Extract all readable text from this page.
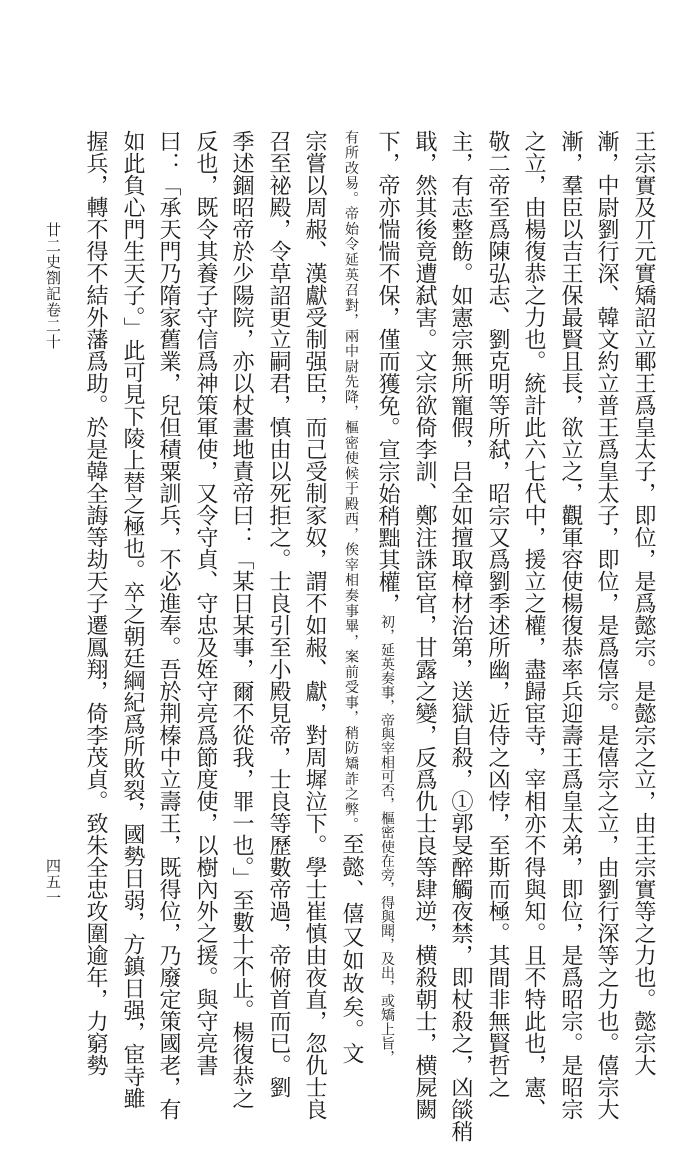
王宗實及丌元實矯詔立鄆王爲皇太子，即位，是爲懿宗。是懿宗之立，由王宗實等之力也。懿宗大
漸，中尉劉行深、韓文約立普王爲皇太子，即位，是爲僖宗。是僖宗之立，由劉行深等之力也。僖宗大
漸，羣臣以吉王保最賢且長，欲立之，觀軍容使楊復恭率兵迎壽王爲皇太弟，即位，是爲昭宗。是昭宗
之立，由楊復恭之力也。統計此六七代中，援立之權，盡歸宦寺，宰相亦不得與知。且不特此也，憲、
敬二帝至爲陳弘志、劉克明等所弑，昭宗又爲劉季述所幽，近侍之凶悖，至斯而極。其間非無賢哲之
主，有志整飭。如憲宗無所寵假，吕全如擅取樟材治第，送獄自殺，①郭旻醉觸夜禁，即杖殺之，凶燄稍
戢，然其後竟遭弑害。文宗欲倚李訓、鄭注誅宦官，甘露之變，反爲仇士良等肆逆，横殺朝士，横屍闕
下，帝亦惴惴不保，僅而獲免。宣宗始稍黜其權，初，延英奏事，帝與宰相可否，樞密使在旁，得與聞，及出，或矯上旨，
有所改易。帝始令延英召對，兩中尉先降，樞密使候于殿西，俟宰相奏事畢，案前受事，稍防矯詐之弊。至懿、僖又如故矣。文
宗嘗以周赧、漢獻受制强臣，而己受制家奴，謂不如赧、獻，對周墀泣下。學士崔慎由夜直，忽仇士良
召至祕殿，令草詔更立嗣君，慎由以死拒之。士良引至小殿見帝，士良等歷數帝過，帝俯首而已。劉
季述錮昭帝於少陽院，亦以杖畫地責帝曰：「某日某事，爾不從我，罪一也。」至數十不止。楊復恭之
反也，既令其養子守信爲神策軍使，又令守貞、守忠及姪守亮爲節度使，以樹內外之援。與守亮書
曰：「承天門乃隋家舊業，兒但積粟訓兵，不必進奉。吾於荆榛中立壽王，既得位，乃廢定策國老，有
如此負心門生天子。」此可見下陵上替之極也。卒之朝廷綱紀爲所敗裂，國勢日弱，方鎮日强，宦寺雖
握兵，轉不得不結外藩爲助。於是韓全誨等劫天子遷鳳翔，倚李茂貞。致朱全忠攻圍逾年，力窮勢
廿二史劄記卷二十
四五一
